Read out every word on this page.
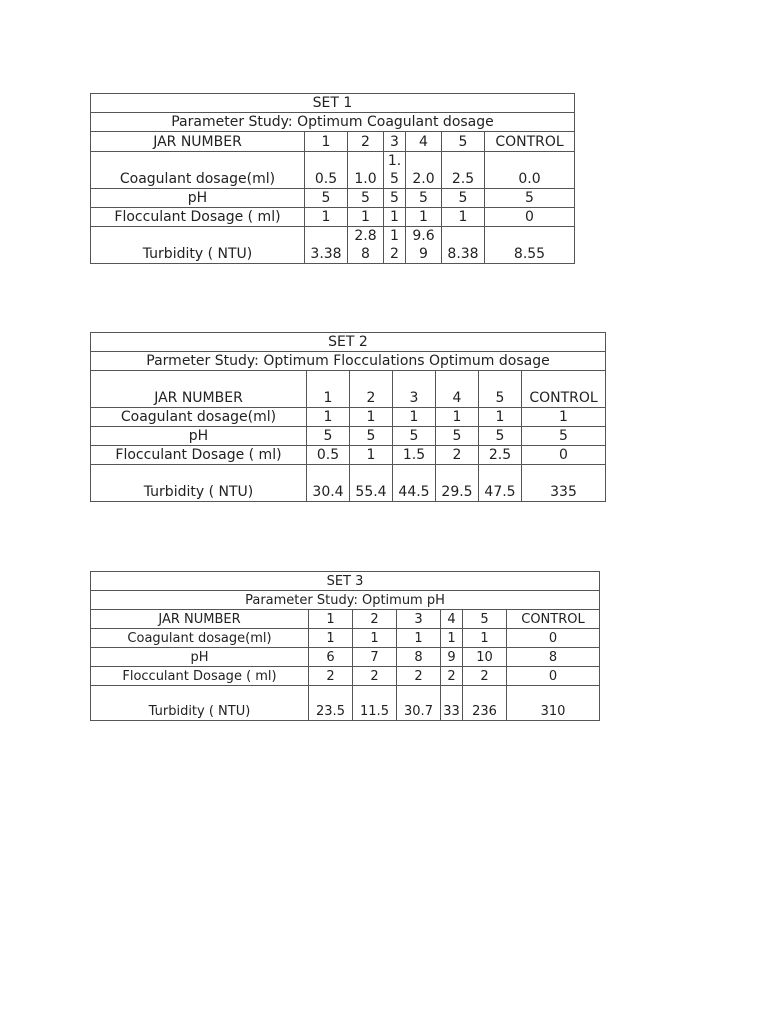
SET 1						
Parameter Study: Optimum Coagulant dosage						
JAR NUMBER	1	2	3	4	5	CONTROL
Coagulant dosage(ml)	0.5	1.0	1.5	2.0	2.5	0.0
pH	5	5	5	5	5	5
Flocculant Dosage ( ml)	1	1	1	1	1	0
Turbidity ( NTU)	3.38	2.88	12	9.69	8.38	8.55
SET 2						
Parmeter Study: Optimum Flocculations Optimum dosage						
JAR NUMBER	1	2	3	4	5	CONTROL
Coagulant dosage(ml)	1	1	1	1	1	1
pH	5	5	5	5	5	5
Flocculant Dosage ( ml)	0.5	1	1.5	2	2.5	0
Turbidity ( NTU)	30.4	55.4	44.5	29.5	47.5	335
SET 3						
Parameter Study: Optimum pH						
JAR NUMBER	1	2	3	4	5	CONTROL
Coagulant dosage(ml)	1	1	1	1	1	0
pH	6	7	8	9	10	8
Flocculant Dosage ( ml)	2	2	2	2	2	0
Turbidity ( NTU)	23.5	11.5	30.7	33	236	310
